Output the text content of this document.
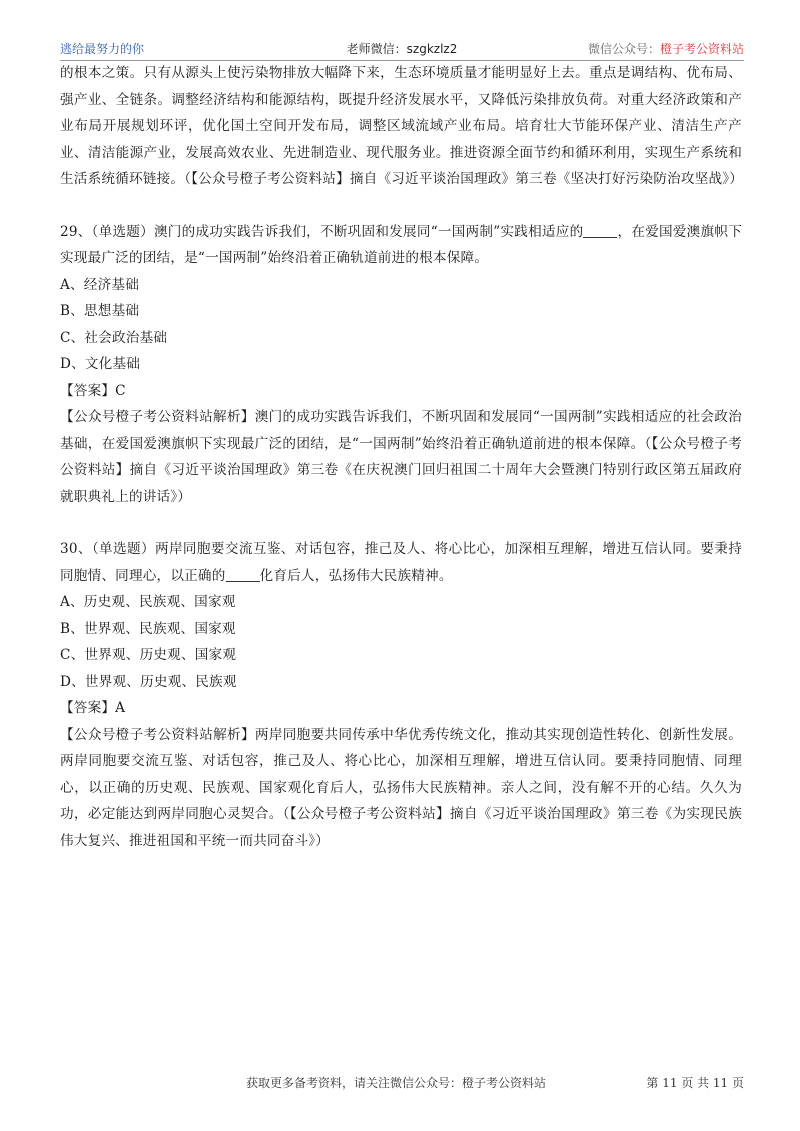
逃给最努力的你	老师微信：szgkzlz2	微信公众号：橙子考公资料站

的根本之策。只有从源头上使污染物排放大幅降下来，生态环境质量才能明显好上去。重点是调结构、优布局、强产业、全链条。调整经济结构和能源结构，既提升经济发展水平，又降低污染排放负荷。对重大经济政策和产业布局开展规划环评，优化国土空间开发布局，调整区域流域产业布局。培育壮大节能环保产业、清洁生产产业、清洁能源产业，发展高效农业、先进制造业、现代服务业。推进资源全面节约和循环利用，实现生产系统和生活系统循环链接。（【公众号橙子考公资料站】摘自《习近平谈治国理政》第三卷《坚决打好污染防治攻坚战》）

29、（单选题）澳门的成功实践告诉我们，不断巩固和发展同“一国两制”实践相适应的	，在爱国爱澳旗帜下实现最广泛的团结，是“一国两制”始终沿着正确轨道前进的根本保障。

A、经济基础

B、思想基础

C、社会政治基础

D、文化基础

【答案】C

【公众号橙子考公资料站解析】澳门的成功实践告诉我们，不断巩固和发展同“一国两制”实践相适应的社会政治基础，在爱国爱澳旗帜下实现最广泛的团结，是“一国两制”始终沿着正确轨道前进的根本保障。（【公众号橙子考公资料站】摘自《习近平谈治国理政》第三卷《在庆祝澳门回归祖国二十周年大会暨澳门特别行政区第五届政府就职典礼上的讲话》）

30、（单选题）两岸同胞要交流互鉴、对话包容，推己及人、将心比心，加深相互理解，增进互信认同。要秉持同胞情、同理心，以正确的	化育后人，弘扬伟大民族精神。

A、历史观、民族观、国家观

B、世界观、民族观、国家观

C、世界观、历史观、国家观

D、世界观、历史观、民族观

【答案】A

【公众号橙子考公资料站解析】两岸同胞要共同传承中华优秀传统文化，推动其实现创造性转化、创新性发展。两岸同胞要交流互鉴、对话包容，推己及人、将心比心，加深相互理解，增进互信认同。要秉持同胞情、同理心，以正确的历史观、民族观、国家观化育后人，弘扬伟大民族精神。亲人之间，没有解不开的心结。久久为功，必定能达到两岸同胞心灵契合。（【公众号橙子考公资料站】摘自《习近平谈治国理政》第三卷《为实现民族伟大复兴、推进祖国和平统一而共同奋斗》）

获取更多备考资料，请关注微信公众号：橙子考公资料站	第 11 页 共 11 页
